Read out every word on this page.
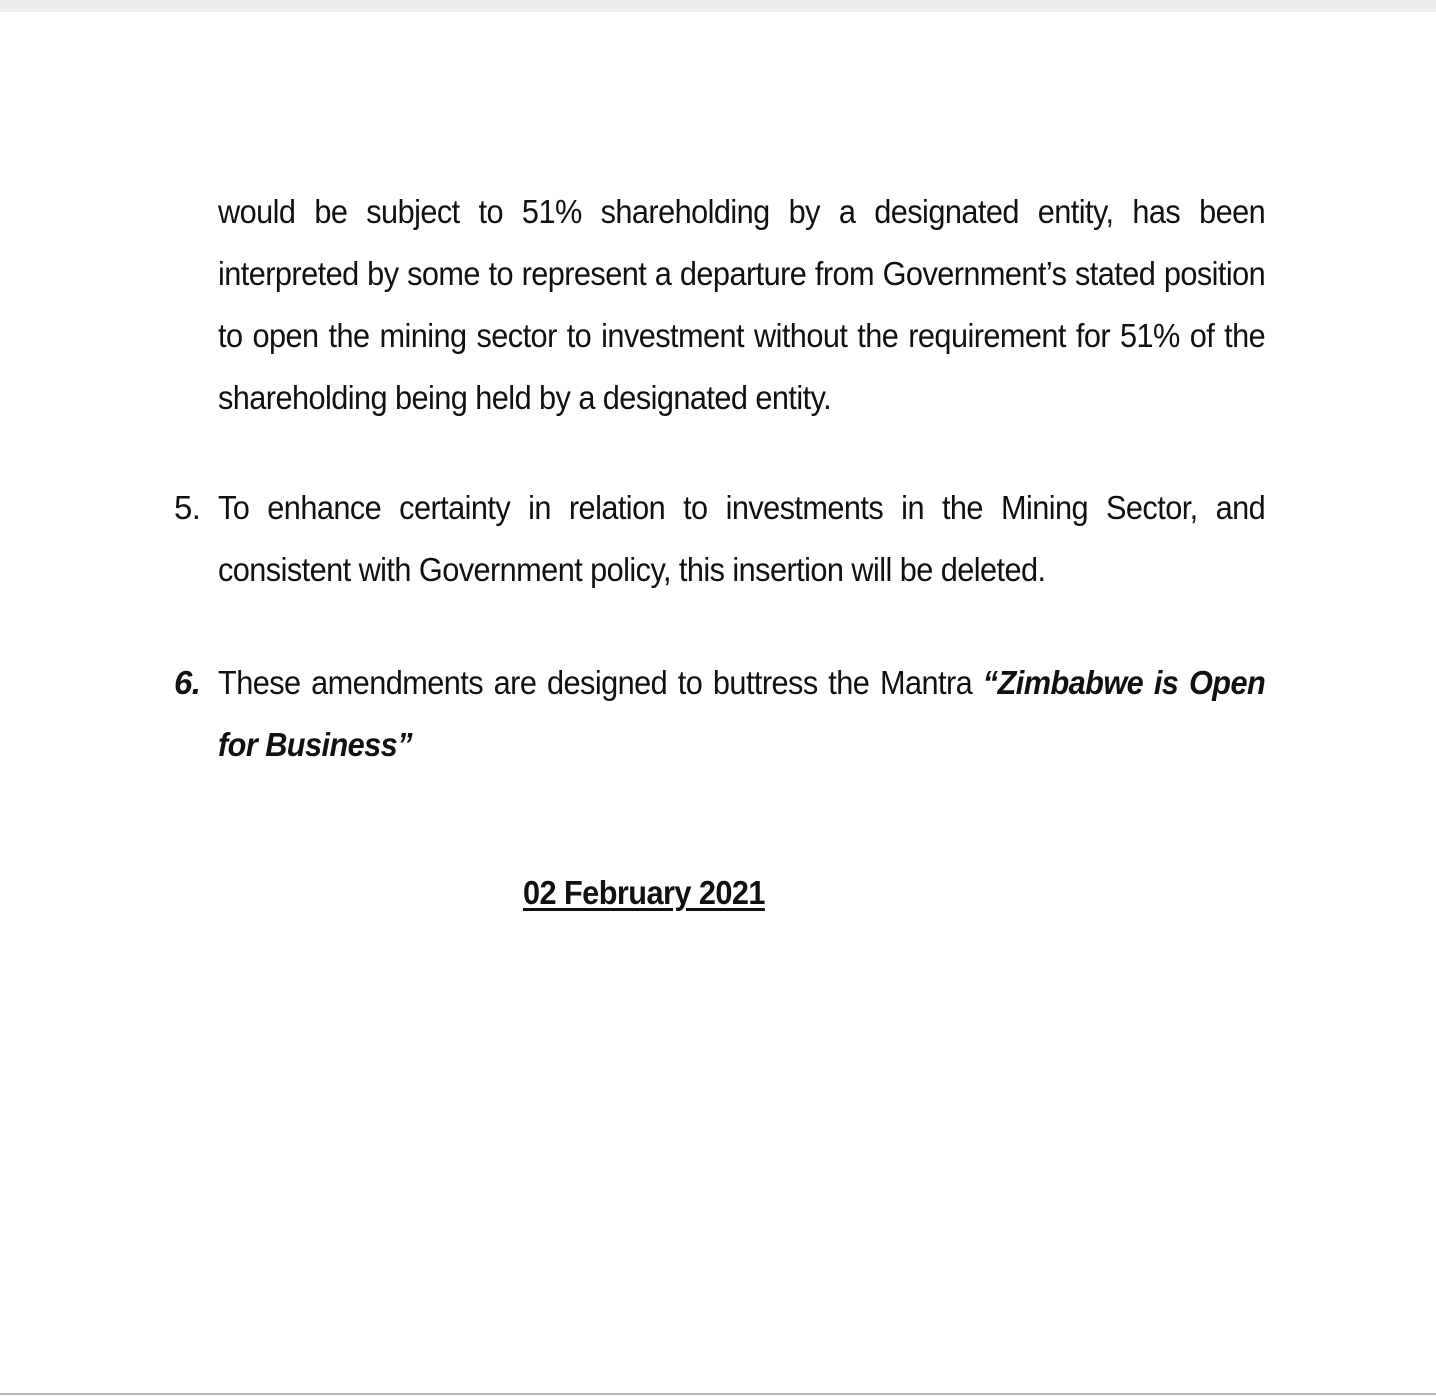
would be subject to 51% shareholding by a designated entity, has been interpreted by some to represent a departure from Government’s stated position to open the mining sector to investment without the requirement for 51% of the shareholding being held by a designated entity.
5. To enhance certainty in relation to investments in the Mining Sector, and consistent with Government policy, this insertion will be deleted.
6. These amendments are designed to buttress the Mantra “Zimbabwe is Open for Business”
02 February 2021
